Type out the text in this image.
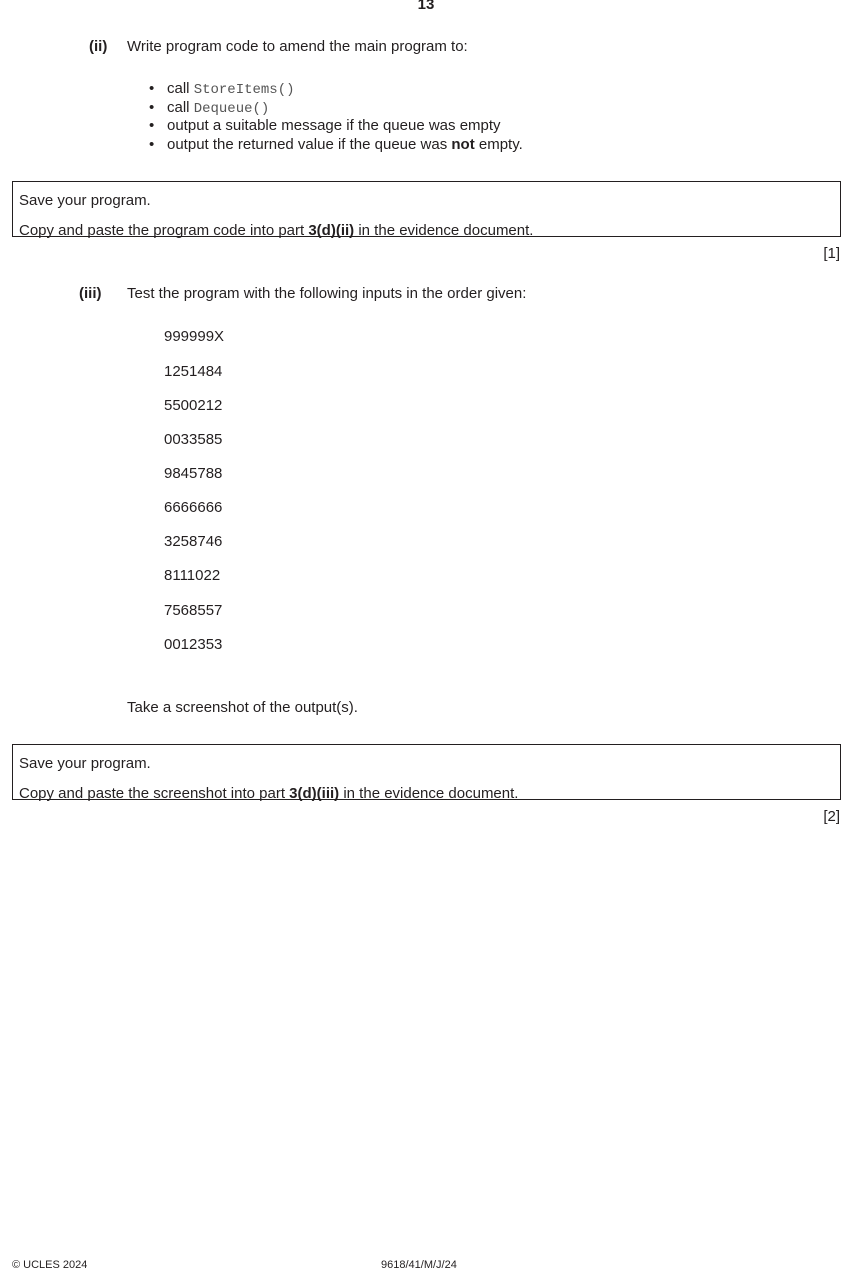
13
(ii) Write program code to amend the main program to:
• call StoreItems()
• call Dequeue()
• output a suitable message if the queue was empty
• output the returned value if the queue was not empty.

Save your program.

Copy and paste the program code into part 3(d)(ii) in the evidence document.

[1]
(iii) Test the program with the following inputs in the order given:
999999X
1251484
5500212
0033585
9845788
6666666
3258746
8111022
7568557
0012353
Take a screenshot of the output(s).

Save your program.

Copy and paste the screenshot into part 3(d)(iii) in the evidence document.

[2]
© UCLES 2024	9618/41/M/J/24
